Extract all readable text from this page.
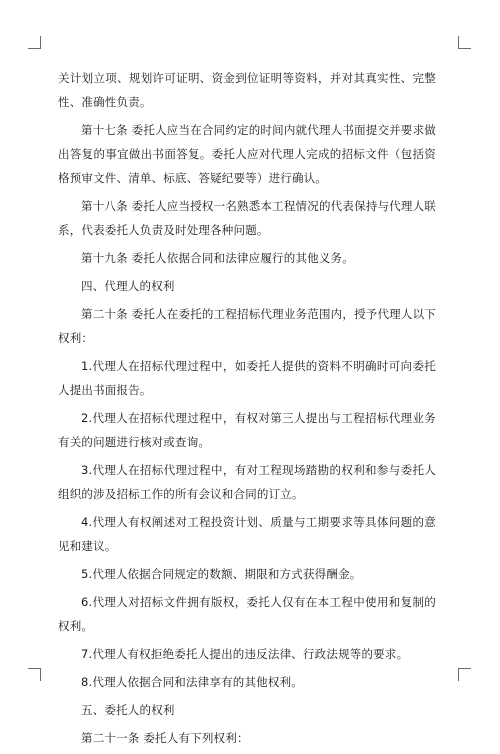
关计划立项、规划许可证明、资金到位证明等资料，并对其真实性、完整性、准确性负责。

第十七条 委托人应当在合同约定的时间内就代理人书面提交并要求做出答复的事宜做出书面答复。委托人应对代理人完成的招标文件（包括资格预审文件、清单、标底、答疑纪要等）进行确认。

第十八条 委托人应当授权一名熟悉本工程情况的代表保持与代理人联系，代表委托人负责及时处理各种问题。

第十九条 委托人依据合同和法律应履行的其他义务。

四、代理人的权利

第二十条 委托人在委托的工程招标代理业务范围内，授予代理人以下权利：

1.代理人在招标代理过程中，如委托人提供的资料不明确时可向委托人提出书面报告。

2.代理人在招标代理过程中，有权对第三人提出与工程招标代理业务有关的问题进行核对或查询。

3.代理人在招标代理过程中，有对工程现场踏勘的权利和参与委托人组织的涉及招标工作的所有会议和合同的订立。

4.代理人有权阐述对工程投资计划、质量与工期要求等具体问题的意见和建议。

5.代理人依据合同规定的数额、期限和方式获得酬金。

6.代理人对招标文件拥有版权，委托人仅有在本工程中使用和复制的权利。

7.代理人有权拒绝委托人提出的违反法律、行政法规等的要求。

8.代理人依据合同和法律享有的其他权利。

五、委托人的权利

第二十一条 委托人有下列权利：
